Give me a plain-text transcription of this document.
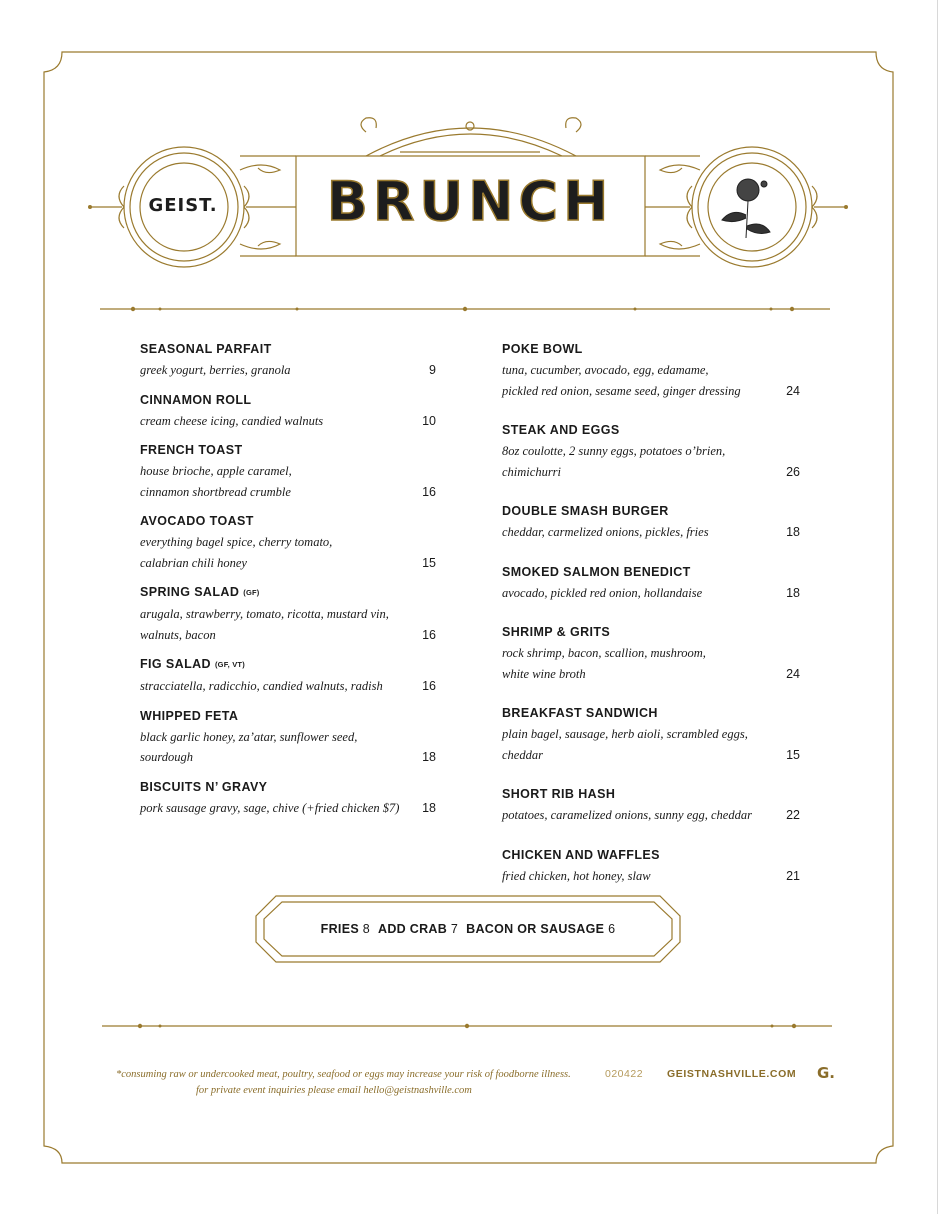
GEIST. BRUNCH
SEASONAL PARFAIT
greek yogurt, berries, granola	9
CINNAMON ROLL
cream cheese icing, candied walnuts	10
FRENCH TOAST
house brioche, apple caramel,
cinnamon shortbread crumble	16
AVOCADO TOAST
everything bagel spice, cherry tomato,
calabrian chili honey	15
SPRING SALAD (GF)
arugala, strawberry, tomato, ricotta, mustard vin,
walnuts, bacon	16
FIG SALAD (GF, VT)
stracciatella, radicchio, candied walnuts, radish	16
WHIPPED FETA
black garlic honey, za’atar, sunflower seed,
sourdough	18
BISCUITS N’ GRAVY
pork sausage gravy, sage, chive (+fried chicken $7)	18
POKE BOWL
tuna, cucumber, avocado, egg, edamame,
pickled red onion, sesame seed, ginger dressing	24
STEAK AND EGGS
8oz coulotte, 2 sunny eggs, potatoes o’brien,
chimichurri	26
DOUBLE SMASH BURGER
cheddar, carmelized onions, pickles, fries	18
SMOKED SALMON BENEDICT
avocado, pickled red onion, hollandaise	18
SHRIMP & GRITS
rock shrimp, bacon, scallion, mushroom,
white wine broth	24
BREAKFAST SANDWICH
plain bagel, sausage, herb aioli, scrambled eggs,
cheddar	15
SHORT RIB HASH
potatoes, caramelized onions, sunny egg, cheddar	22
CHICKEN AND WAFFLES
fried chicken, hot honey, slaw	21
FRIES 8 ADD CRAB 7 BACON OR SAUSAGE 6
*consuming raw or undercooked meat, poultry, seafood or eggs may increase your risk of foodborne illness.
for private event inquiries please email hello@geistnashville.com
020422 GEISTNASHVILLE.COM G.
